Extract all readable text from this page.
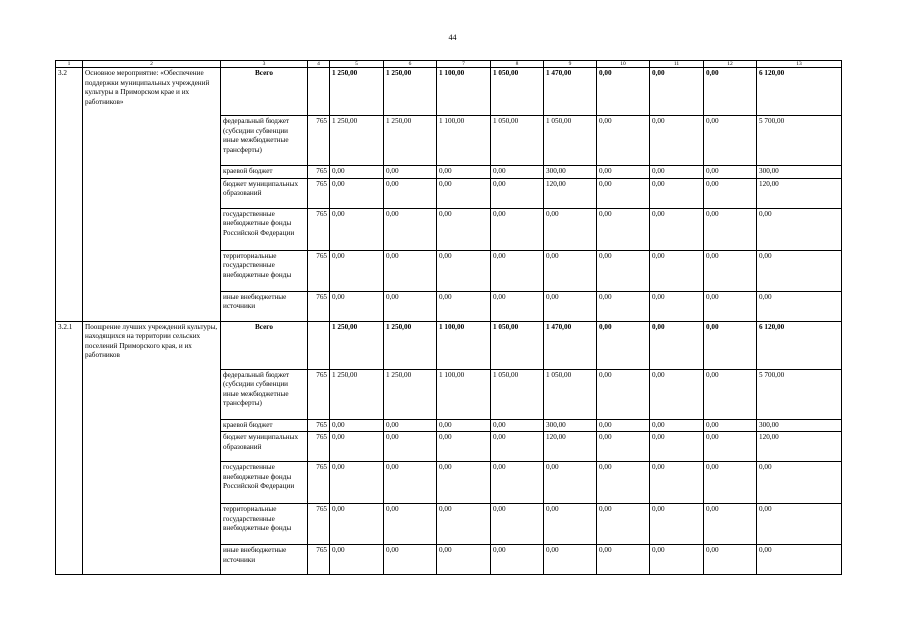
44
1	2	3	4	5	6	7	8	9	10	11	12	13
3.2	Основное мероприятие: «Обеспечение поддержки муниципальных учреждений культуры в Приморском крае и их работников»	Всего		1 250,00	1 250,00	1 100,00	1 050,00	1 470,00	0,00	0,00	0,00	6 120,00
		федеральный бюджет (субсидии субвенции иные межбюджетные трансферты)	765	1 250,00	1 250,00	1 100,00	1 050,00	1 050,00	0,00	0,00	0,00	5 700,00
		краевой бюджет	765	0,00	0,00	0,00	0,00	300,00	0,00	0,00	0,00	300,00
		бюджет муниципальных образований	765	0,00	0,00	0,00	0,00	120,00	0,00	0,00	0,00	120,00
		государственные внебюджетные фонды Российской Федерации	765	0,00	0,00	0,00	0,00	0,00	0,00	0,00	0,00	0,00
		территориальные государственные внебюджетные фонды	765	0,00	0,00	0,00	0,00	0,00	0,00	0,00	0,00	0,00
		иные внебюджетные источники	765	0,00	0,00	0,00	0,00	0,00	0,00	0,00	0,00	0,00
3.2.1	Поощрение лучших учреждений культуры, находящихся на территории сельских поселений Приморского края, и их работников	Всего		1 250,00	1 250,00	1 100,00	1 050,00	1 470,00	0,00	0,00	0,00	6 120,00
		федеральный бюджет (субсидии субвенции иные межбюджетные трансферты)	765	1 250,00	1 250,00	1 100,00	1 050,00	1 050,00	0,00	0,00	0,00	5 700,00
		краевой бюджет	765	0,00	0,00	0,00	0,00	300,00	0,00	0,00	0,00	300,00
		бюджет муниципальных образований	765	0,00	0,00	0,00	0,00	120,00	0,00	0,00	0,00	120,00
		государственные внебюджетные фонды Российской Федерации	765	0,00	0,00	0,00	0,00	0,00	0,00	0,00	0,00	0,00
		территориальные государственные внебюджетные фонды	765	0,00	0,00	0,00	0,00	0,00	0,00	0,00	0,00	0,00
		иные внебюджетные источники	765	0,00	0,00	0,00	0,00	0,00	0,00	0,00	0,00	0,00
